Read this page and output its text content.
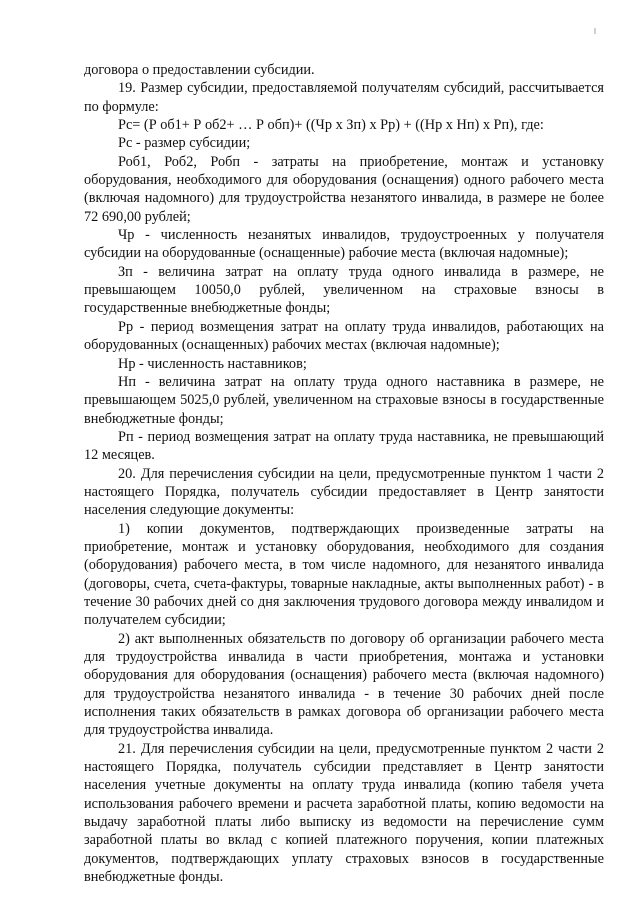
договора о предоставлении субсидии.

19. Размер субсидии, предоставляемой получателям субсидий, рассчитывается по формуле:

Рс= (Р об1+ Р об2+ … Р обп)+ ((Чр х Зп) х Рр) + ((Нр х Нп) х Рп), где:

Рс - размер субсидии;

Роб1, Роб2, Робп - затраты на приобретение, монтаж и установку оборудования, необходимого для оборудования (оснащения) одного рабочего места (включая надомного) для трудоустройства незанятого инвалида, в размере не более 72 690,00 рублей;

Чр - численность незанятых инвалидов, трудоустроенных у получателя субсидии на оборудованные (оснащенные) рабочие места (включая надомные);

Зп - величина затрат на оплату труда одного инвалида в размере, не превышающем 10050,0 рублей, увеличенном на страховые взносы в государственные внебюджетные фонды;

Рр - период возмещения затрат на оплату труда инвалидов, работающих на оборудованных (оснащенных) рабочих местах (включая надомные);

Нр - численность наставников;

Нп - величина затрат на оплату труда одного наставника в размере, не превышающем 5025,0 рублей, увеличенном на страховые взносы в государственные внебюджетные фонды;

Рп - период возмещения затрат на оплату труда наставника, не превышающий 12 месяцев.

20. Для перечисления субсидии на цели, предусмотренные пунктом 1 части 2 настоящего Порядка, получатель субсидии предоставляет в Центр занятости населения следующие документы:

1) копии документов, подтверждающих произведенные затраты на приобретение, монтаж и установку оборудования, необходимого для создания (оборудования) рабочего места, в том числе надомного, для незанятого инвалида (договоры, счета, счета-фактуры, товарные накладные, акты выполненных работ) - в течение 30 рабочих дней со дня заключения трудового договора между инвалидом и получателем субсидии;

2) акт выполненных обязательств по договору об организации рабочего места для трудоустройства инвалида в части приобретения, монтажа и установки оборудования для оборудования (оснащения) рабочего места (включая надомного) для трудоустройства незанятого инвалида - в течение 30 рабочих дней после исполнения таких обязательств в рамках договора об организации рабочего места для трудоустройства инвалида.

21. Для перечисления субсидии на цели, предусмотренные пунктом 2 части 2 настоящего Порядка, получатель субсидии представляет в Центр занятости населения учетные документы на оплату труда инвалида (копию табеля учета использования рабочего времени и расчета заработной платы, копию ведомости на выдачу заработной платы либо выписку из ведомости на перечисление сумм заработной платы во вклад с копией платежного поручения, копии платежных документов, подтверждающих уплату страховых взносов в государственные внебюджетные фонды.
